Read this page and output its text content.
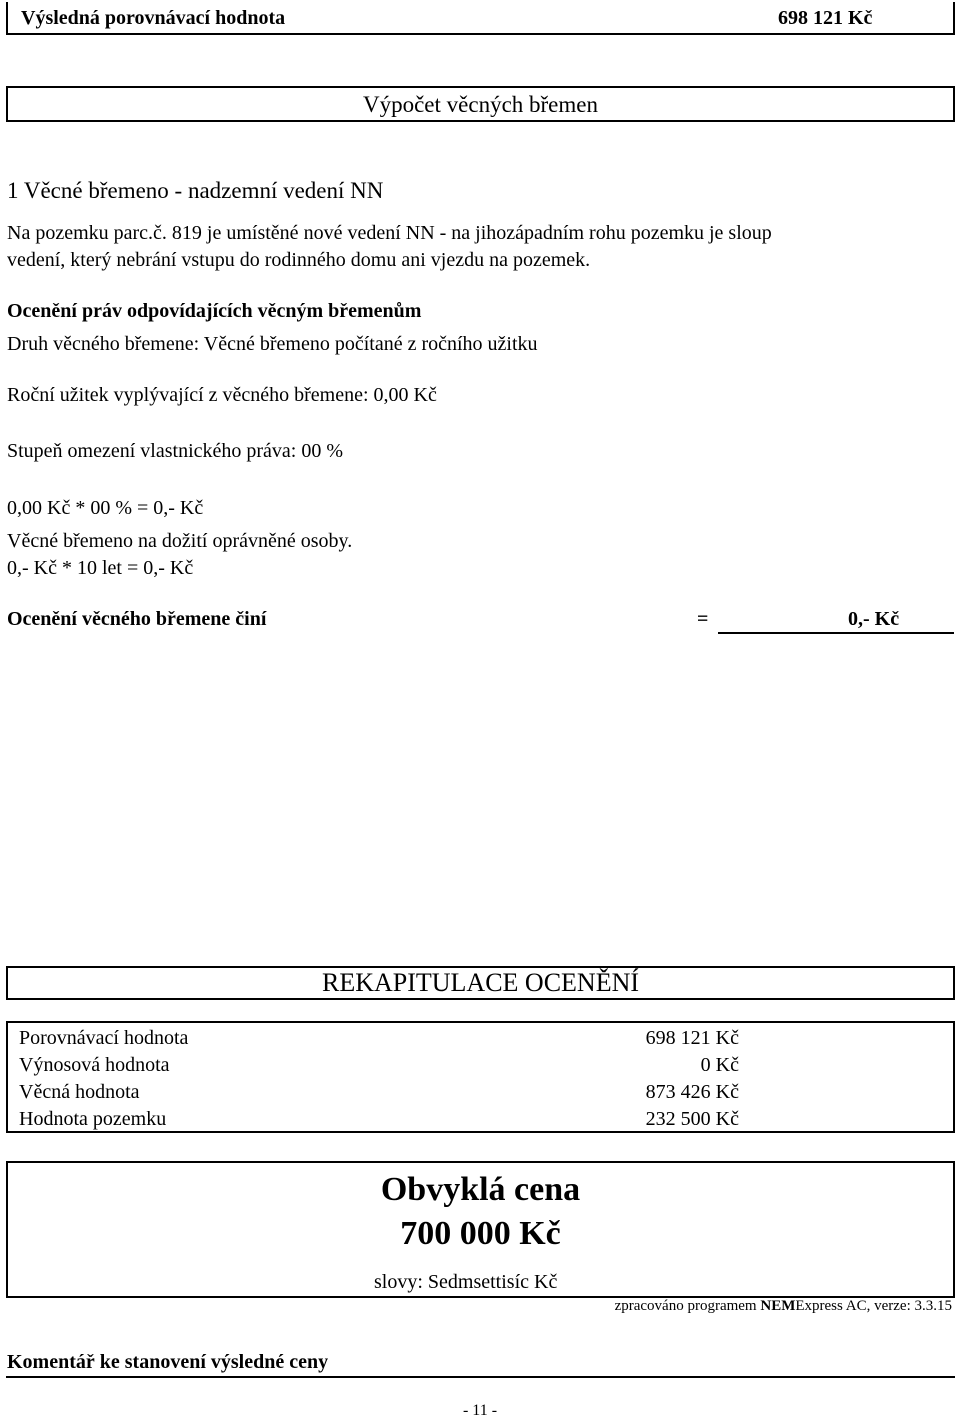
Výsledná porovnávací hodnota	698 121 Kč
Výpočet věcných břemen
1 Věcné břemeno - nadzemní vedení NN
Na pozemku parc.č. 819 je umístěné nové vedení NN - na jihozápadním rohu pozemku je sloup
vedení, který nebrání vstupu do rodinného domu ani vjezdu na pozemek.
Ocenění práv odpovídajících věcným břemenům
Druh věcného břemene: Věcné břemeno počítané z ročního užitku
Roční užitek vyplývající z věcného břemene: 0,00 Kč
Stupeň omezení vlastnického práva: 00 %
0,00 Kč * 00 % = 0,- Kč
Věcné břemeno na dožití oprávněné osoby.
0,- Kč * 10 let = 0,- Kč
Ocenění věcného břemene činí	=	0,- Kč
REKAPITULACE OCENĚNÍ
Porovnávací hodnota	698 121 Kč
Výnosová hodnota	0 Kč
Věcná hodnota	873 426 Kč
Hodnota pozemku	232 500 Kč
Obvyklá cena
700 000 Kč
slovy: Sedmsettisíc Kč
zpracováno programem NEMExpress AC, verze: 3.3.15
Komentář ke stanovení výsledné ceny
- 11 -
